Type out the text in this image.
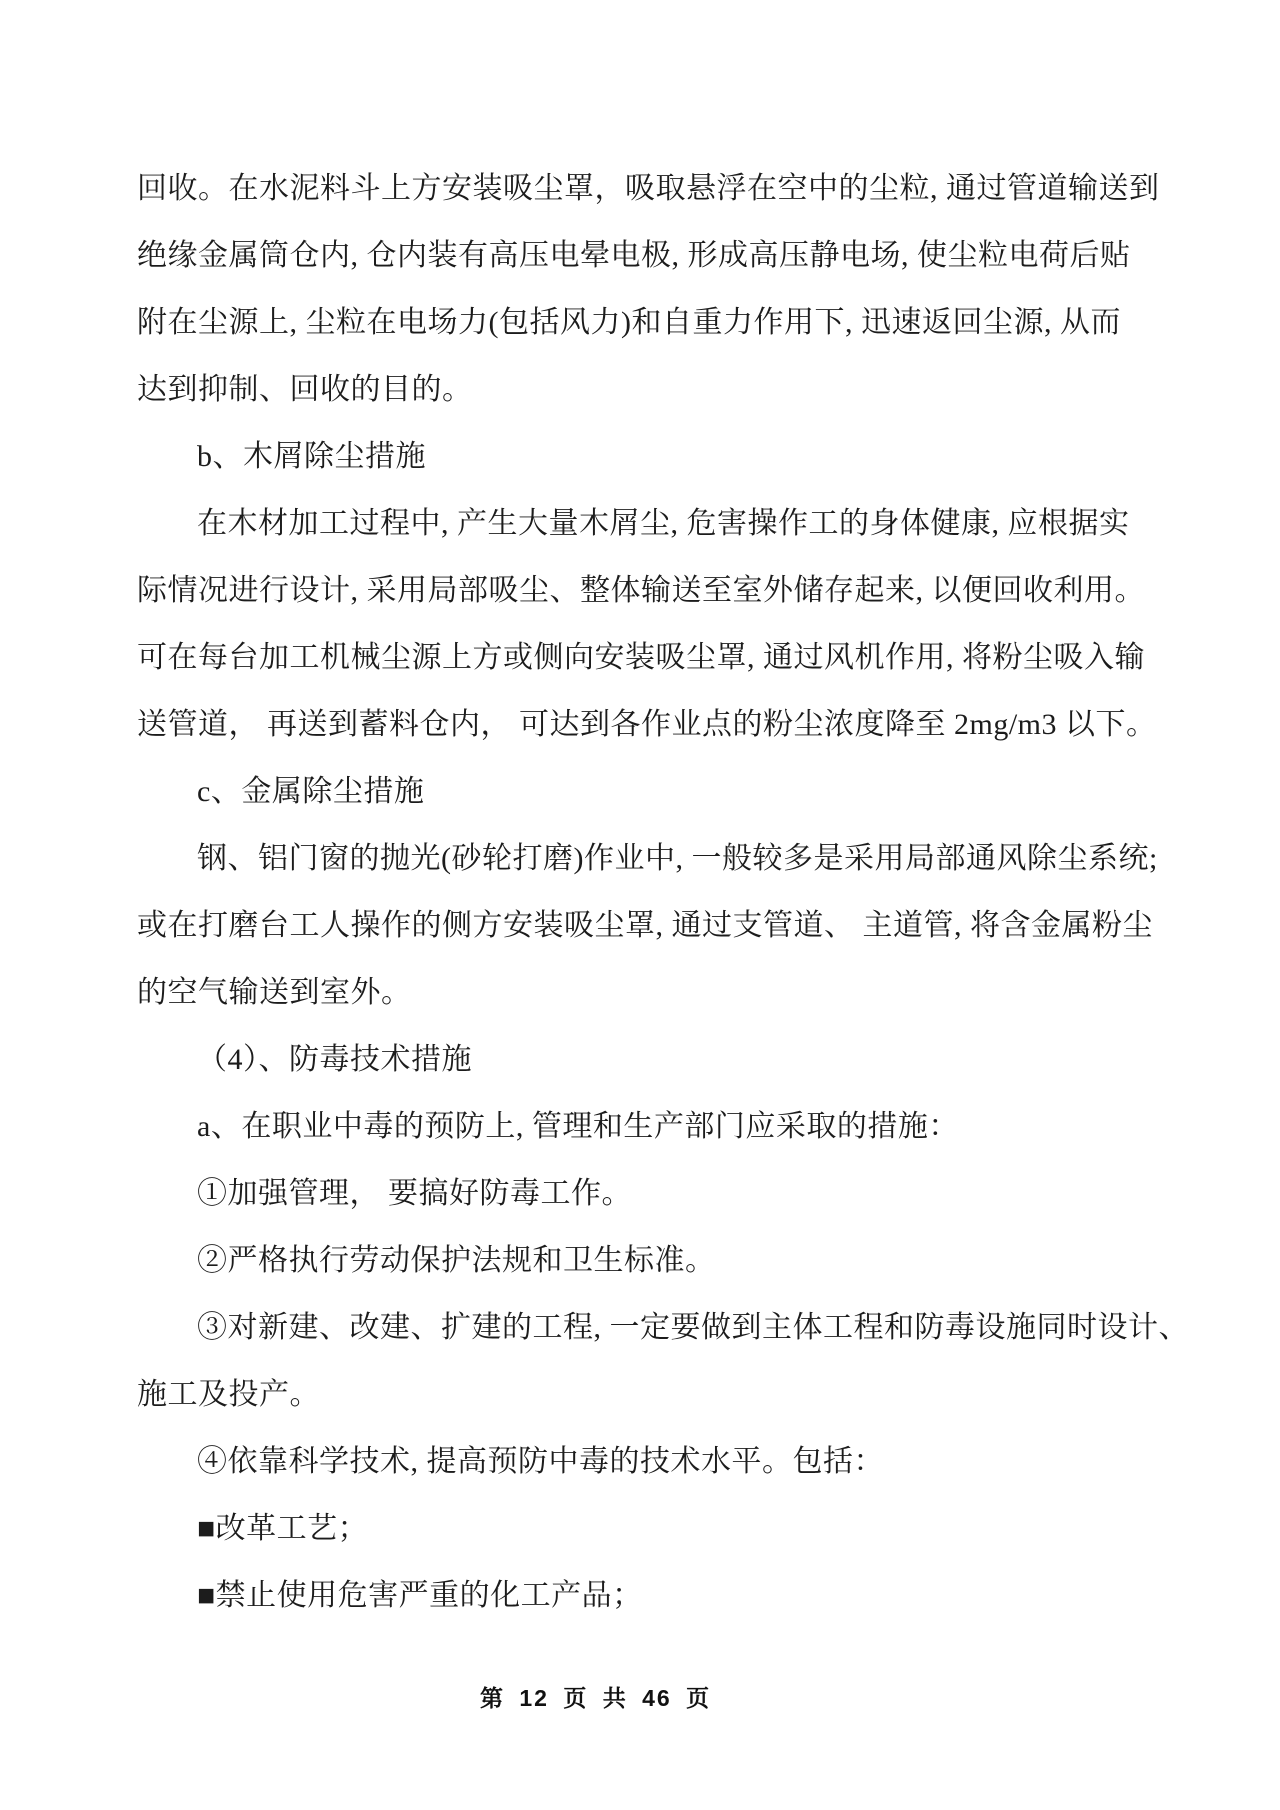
回收。在水泥料斗上方安装吸尘罩，吸取悬浮在空中的尘粒, 通过管道输送到
绝缘金属筒仓内, 仓内装有高压电晕电极, 形成高压静电场, 使尘粒电荷后贴
附在尘源上, 尘粒在电场力(包括风力)和自重力作用下, 迅速返回尘源, 从而
达到抑制、回收的目的。
b、木屑除尘措施
在木材加工过程中, 产生大量木屑尘, 危害操作工的身体健康, 应根据实
际情况进行设计, 采用局部吸尘、整体输送至室外储存起来, 以便回收利用。
可在每台加工机械尘源上方或侧向安装吸尘罩, 通过风机作用, 将粉尘吸入输
送管道， 再送到蓄料仓内， 可达到各作业点的粉尘浓度降至 2mg/m3 以下。
c、金属除尘措施
钢、铝门窗的抛光(砂轮打磨)作业中, 一般较多是采用局部通风除尘系统;
或在打磨台工人操作的侧方安装吸尘罩, 通过支管道、 主道管, 将含金属粉尘
的空气输送到室外。
（4）、防毒技术措施
a、在职业中毒的预防上, 管理和生产部门应采取的措施：
①加强管理， 要搞好防毒工作。
②严格执行劳动保护法规和卫生标准。
③对新建、改建、扩建的工程, 一定要做到主体工程和防毒设施同时设计、
施工及投产。
④依靠科学技术, 提高预防中毒的技术水平。包括：
■改革工艺；
■禁止使用危害严重的化工产品；
第 12 页 共 46 页
